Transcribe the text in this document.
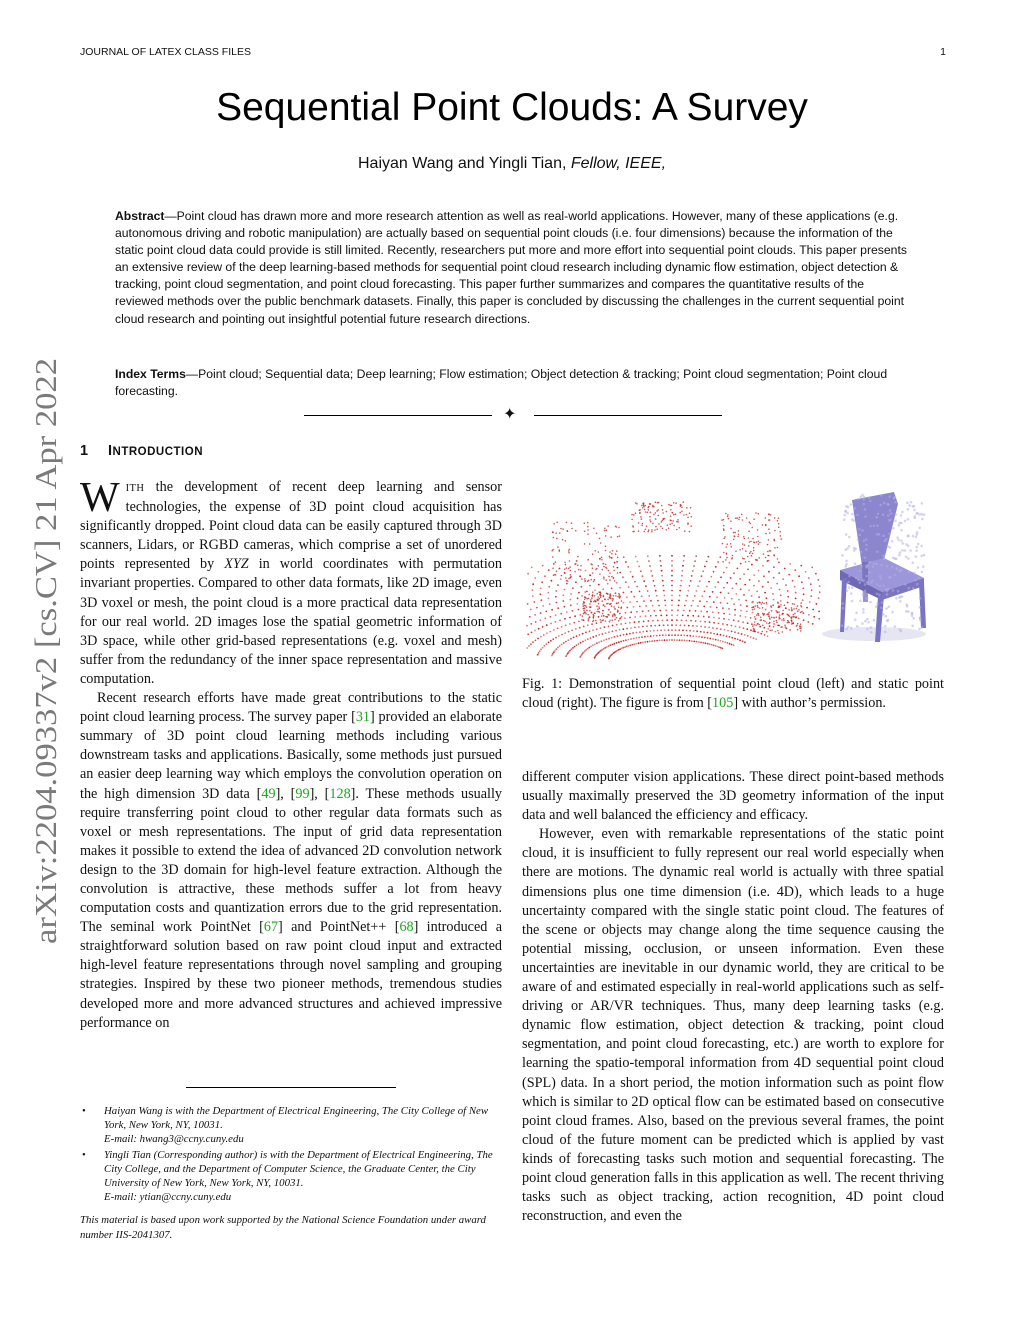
JOURNAL OF LATEX CLASS FILES	1
Sequential Point Clouds: A Survey
Haiyan Wang and Yingli Tian, Fellow, IEEE,
Abstract—Point cloud has drawn more and more research attention as well as real-world applications. However, many of these applications (e.g. autonomous driving and robotic manipulation) are actually based on sequential point clouds (i.e. four dimensions) because the information of the static point cloud data could provide is still limited. Recently, researchers put more and more effort into sequential point clouds. This paper presents an extensive review of the deep learning-based methods for sequential point cloud research including dynamic flow estimation, object detection & tracking, point cloud segmentation, and point cloud forecasting. This paper further summarizes and compares the quantitative results of the reviewed methods over the public benchmark datasets. Finally, this paper is concluded by discussing the challenges in the current sequential point cloud research and pointing out insightful potential future research directions.
Index Terms—Point cloud; Sequential data; Deep learning; Flow estimation; Object detection & tracking; Point cloud segmentation; Point cloud forecasting.
✦
1 INTRODUCTION

WITH the development of recent deep learning and sensor technologies, the expense of 3D point cloud acquisition has significantly dropped. Point cloud data can be easily captured through 3D scanners, Lidars, or RGBD cameras, which comprise a set of unordered points represented by XYZ in world coordinates with permutation invariant properties. Compared to other data formats, like 2D image, even 3D voxel or mesh, the point cloud is a more practical data representation for our real world. 2D images lose the spatial geometric information of 3D space, while other grid-based representations (e.g. voxel and mesh) suffer from the redundancy of the inner space representation and massive computation.

Recent research efforts have made great contributions to the static point cloud learning process. The survey paper [31] provided an elaborate summary of 3D point cloud learning methods including various downstream tasks and applications. Basically, some methods just pursued an easier deep learning way which employs the convolution operation on the high dimension 3D data [49], [99], [128]. These methods usually require transferring point cloud to other regular data formats such as voxel or mesh representations. The input of grid data representation makes it possible to extend the idea of advanced 2D convolution network design to the 3D domain for high-level feature extraction. Although the convolution is attractive, these methods suffer a lot from heavy computation costs and quantization errors due to the grid representation. The seminal work PointNet [67] and PointNet++ [68] introduced a straightforward solution based on raw point cloud input and extracted high-level feature representations through novel sampling and grouping strategies. Inspired by these two pioneer methods, tremendous studies developed more and more advanced structures and achieved impressive performance on

Fig. 1: Demonstration of sequential point cloud (left) and static point cloud (right). The figure is from [105] with author’s permission.

different computer vision applications. These direct point-based methods usually maximally preserved the 3D geometry information of the input data and well balanced the efficiency and efficacy.

However, even with remarkable representations of the static point cloud, it is insufficient to fully represent our real world especially when there are motions. The dynamic real world is actually with three spatial dimensions plus one time dimension (i.e. 4D), which leads to a huge uncertainty compared with the single static point cloud. The features of the scene or objects may change along the time sequence causing the potential missing, occlusion, or unseen information. Even these uncertainties are inevitable in our dynamic world, they are critical to be aware of and estimated especially in real-world applications such as self-driving or AR/VR techniques. Thus, many deep learning tasks (e.g. dynamic flow estimation, object detection & tracking, point cloud segmentation, and point cloud forecasting, etc.) are worth to explore for learning the spatio-temporal information from 4D sequential point cloud (SPL) data. In a short period, the motion information such as point flow which is similar to 2D optical flow can be estimated based on consecutive point cloud frames. Also, based on the previous several frames, the point cloud of the future moment can be predicted which is applied by vast kinds of forecasting tasks such motion and sequential forecasting. The point cloud generation falls in this application as well. The recent thriving tasks such as object tracking, action recognition, 4D point cloud reconstruction, and even the

• Haiyan Wang is with the Department of Electrical Engineering, The City College of New York, New York, NY, 10031.
E-mail: hwang3@ccny.cuny.edu
• Yingli Tian (Corresponding author) is with the Department of Electrical Engineering, The City College, and the Department of Computer Science, the Graduate Center, the City University of New York, New York, NY, 10031.
E-mail: ytian@ccny.cuny.edu
This material is based upon work supported by the National Science Foundation under award number IIS-2041307.
arXiv:2204.09337v2 [cs.CV] 21 Apr 2022
